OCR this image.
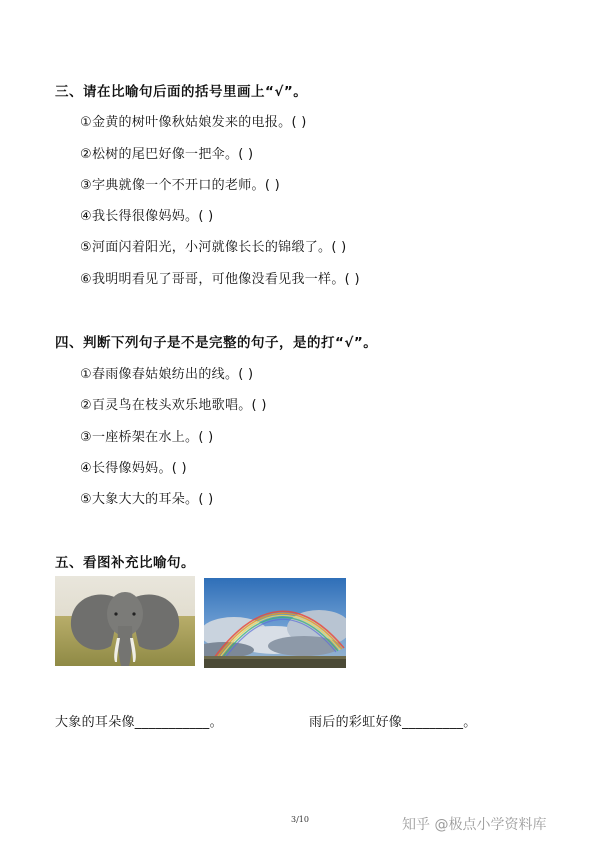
三、请在比喻句后面的括号里画上“√”。
①金黄的树叶像秋姑娘发来的电报。( )
②松树的尾巴好像一把伞。( )
③字典就像一个不开口的老师。( )
④我长得很像妈妈。( )
⑤河面闪着阳光，小河就像长长的锦缎了。( )
⑥我明明看见了哥哥，可他像没看见我一样。( )
四、判断下列句子是不是完整的句子，是的打“√”。
①春雨像春姑娘纺出的线。( )
②百灵鸟在枝头欢乐地歌唱。( )
③一座桥架在水上。( )
④长得像妈妈。( )
⑤大象大大的耳朵。( )
五、看图补充比喻句。
大象的耳朵像___________。	雨后的彩虹好像_________。
3/10	知乎 @极点小学资料库
